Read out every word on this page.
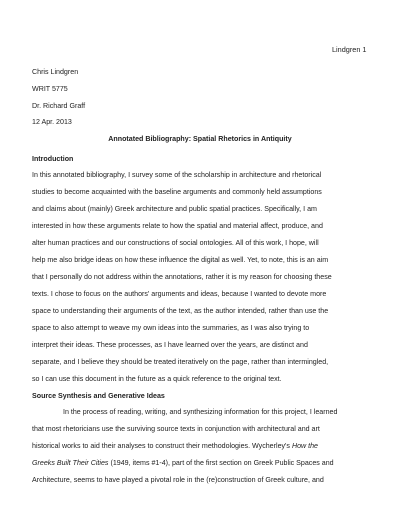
Lindgren 1
Chris Lindgren
WRIT 5775
Dr. Richard Graff
12 Apr. 2013
Annotated Bibliography: Spatial Rhetorics in Antiquity
Introduction
In this annotated bibliography, I survey some of the scholarship in architecture and rhetorical
studies to become acquainted with the baseline arguments and commonly held assumptions
and claims about (mainly) Greek architecture and public spatial practices. Specifically, I am
interested in how these arguments relate to how the spatial and material affect, produce, and
alter human practices and our constructions of social ontologies. All of this work, I hope, will
help me also bridge ideas on how these influence the digital as well. Yet, to note, this is an aim
that I personally do not address within the annotations, rather it is my reason for choosing these
texts. I chose to focus on the authors' arguments and ideas, because I wanted to devote more
space to understanding their arguments of the text, as the author intended, rather than use the
space to also attempt to weave my own ideas into the summaries, as I was also trying to
interpret their ideas. These processes, as I have learned over the years, are distinct and
separate, and I believe they should be treated iteratively on the page, rather than intermingled,
so I can use this document in the future as a quick reference to the original text.
Source Synthesis and Generative Ideas
In the process of reading, writing, and synthesizing information for this project, I learned
that most rhetoricians use the surviving source texts in conjunction with architectural and art
historical works to aid their analyses to construct their methodologies. Wycherley's How the
Greeks Built Their Cities (1949, items #1-4), part of the first section on Greek Public Spaces and
Architecture, seems to have played a pivotal role in the (re)construction of Greek culture, and
